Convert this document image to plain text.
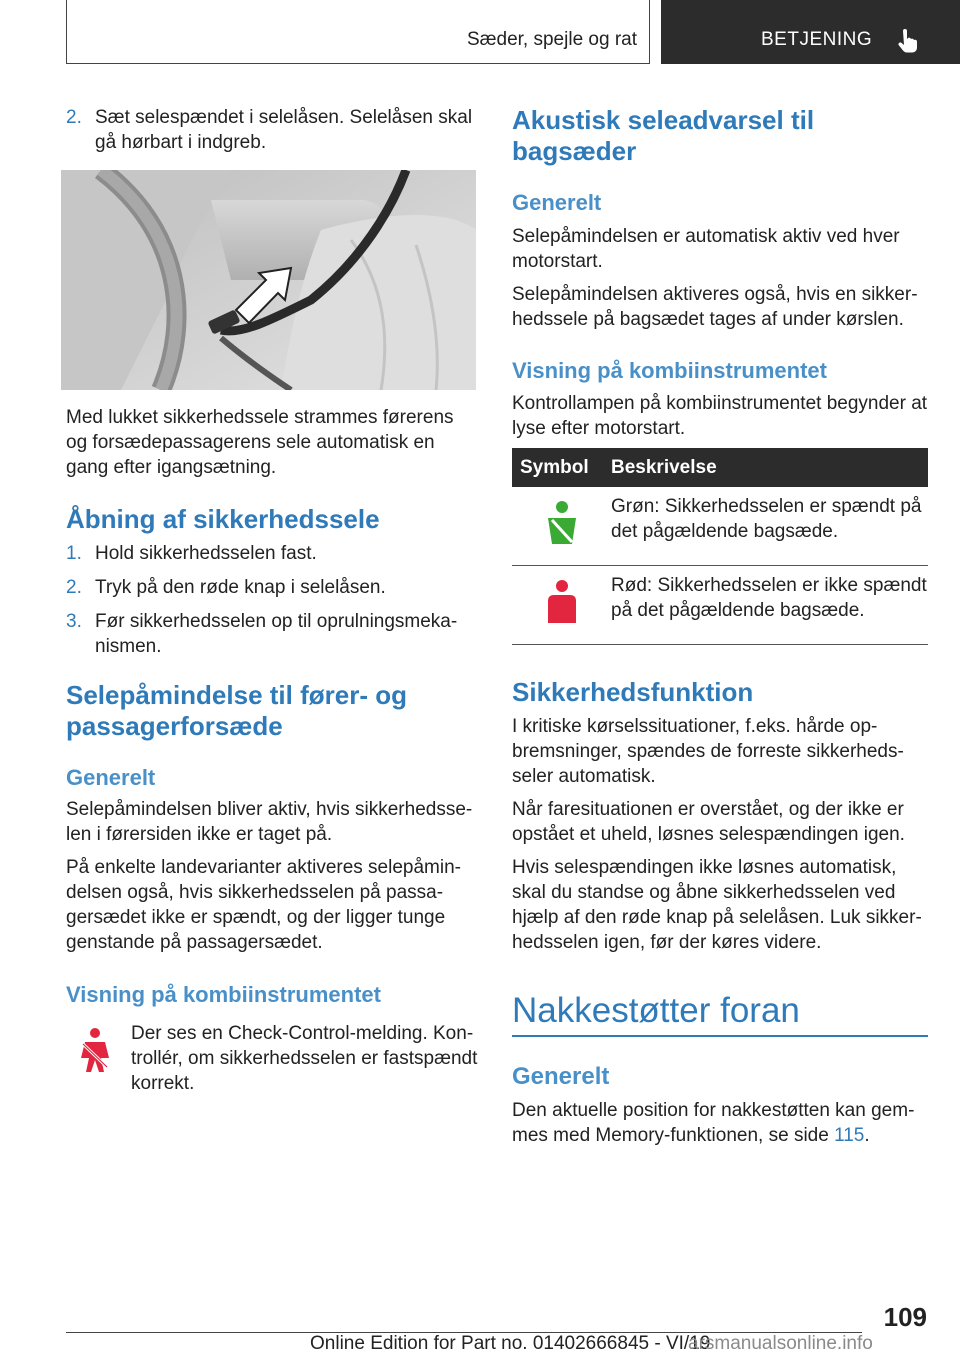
Sæder, spejle og rat	BETJENING
2. Sæt selespændet i selelåsen. Selelåsen skal gå hørbart i indgreb.

Med lukket sikkerhedssele strammes førerens og forsædepassagerens sele automatisk en gang efter igangsætning.

Åbning af sikkerhedssele
1. Hold sikkerhedsselen fast.
2. Tryk på den røde knap i selelåsen.
3. Før sikkerhedsselen op til oprulningsmekanismen.
Selepåmindelse til fører- og passagerforsæde
Generelt

Selepåmindelsen bliver aktiv, hvis sikkerhedsselen i førersiden ikke er taget på.

På enkelte landevarianter aktiveres selepåmindelsen også, hvis sikkerhedsselen på passagersædet ikke er spændt, og der ligger tunge genstande på passagersædet.

Visning på kombiinstrumentet

Der ses en Check-Control-melding. Kontrollér, om sikkerhedsselen er fastspændt korrekt.

Akustisk seleadvarsel til bagsæder
Generelt

Selepåmindelsen er automatisk aktiv ved hver motorstart.

Selepåmindelsen aktiveres også, hvis en sikkerhedssele på bagsædet tages af under kørslen.

Visning på kombiinstrumentet

Kontrollampen på kombiinstrumentet begynder at lyse efter motorstart.

Symbol	Beskrivelse
	Grøn: Sikkerhedsselen er spændt på det pågældende bagsæde.
	Rød: Sikkerhedsselen er ikke spændt på det pågældende bagsæde.
Sikkerhedsfunktion

I kritiske kørselssituationer, f.eks. hårde opbremsninger, spændes de forreste sikkerhedsseler automatisk.

Når faresituationen er overstået, og der ikke er opstået et uheld, løsnes selespændingen igen.

Hvis selespændingen ikke løsnes automatisk, skal du standse og åbne sikkerhedsselen ved hjælp af den røde knap på selelåsen. Luk sikkerhedsselen igen, før der køres videre.

Nakkestøtter foran
Generelt

Den aktuelle position for nakkestøtten kan gemmes med Memory-funktionen, se side 115.

109
Online Edition for Part no. 01402666845 - VI/19
arsmanualsonline.info
